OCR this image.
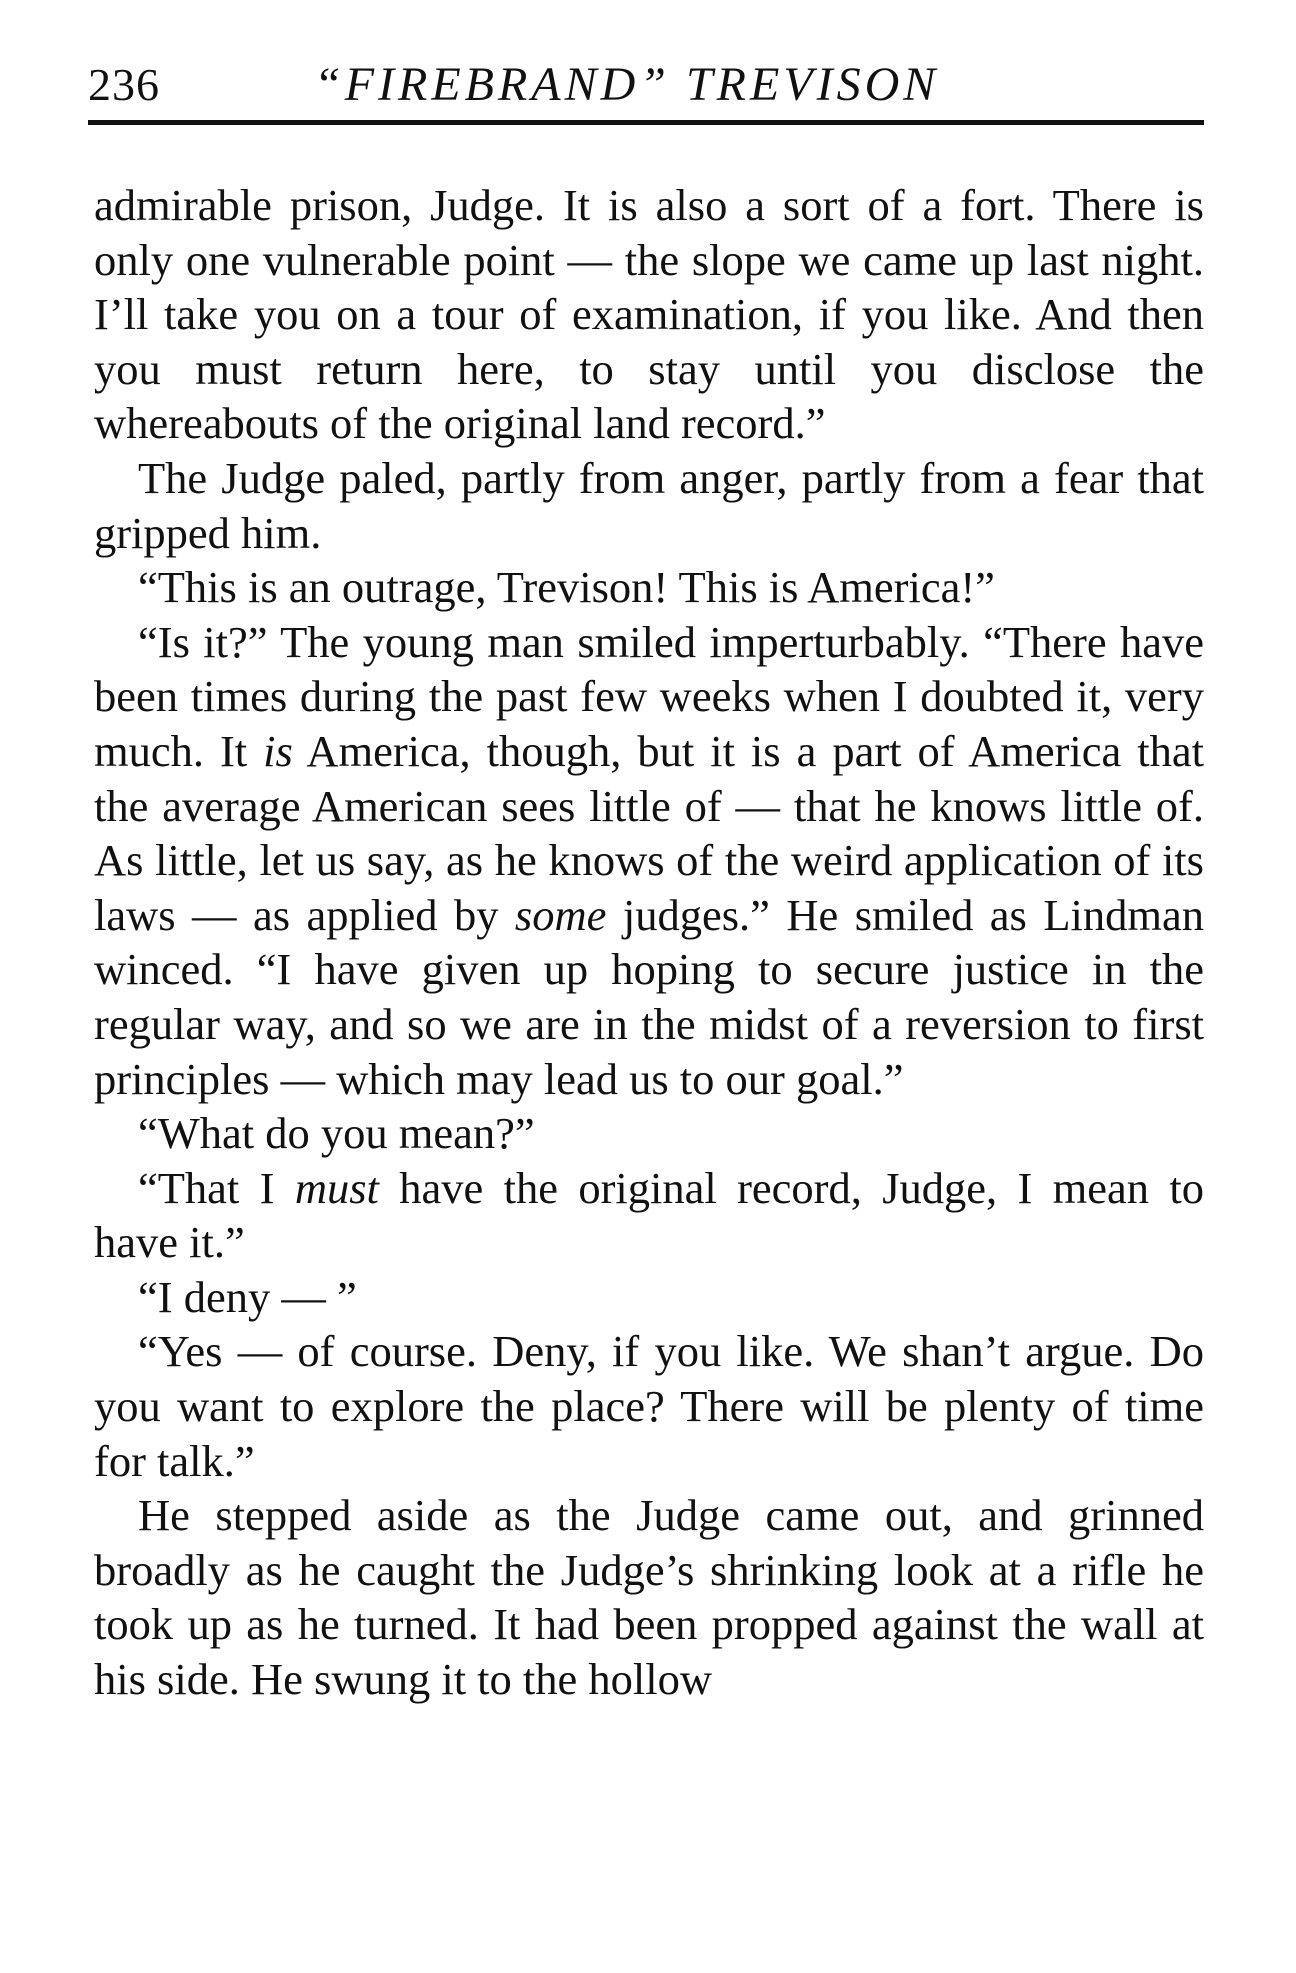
236	“FIREBRAND” TREVISON

admirable prison, Judge. It is also a sort of a fort. There is only one vulnerable point — the slope we came up last night. I’ll take you on a tour of examination, if you like. And then you must return here, to stay until you disclose the whereabouts of the original land record.”

The Judge paled, partly from anger, partly from a fear that gripped him.

“This is an outrage, Trevison! This is America!”

“Is it?” The young man smiled imperturbably. “There have been times during the past few weeks when I doubted it, very much. It is America, though, but it is a part of America that the average American sees little of — that he knows little of. As little, let us say, as he knows of the weird application of its laws — as applied by some judges.” He smiled as Lindman winced. “I have given up hoping to secure justice in the regular way, and so we are in the midst of a reversion to first principles — which may lead us to our goal.”

“What do you mean?”

“That I must have the original record, Judge, I mean to have it.”

“I deny — ”

“Yes — of course. Deny, if you like. We shan’t argue. Do you want to explore the place? There will be plenty of time for talk.”

He stepped aside as the Judge came out, and grinned broadly as he caught the Judge’s shrinking look at a rifle he took up as he turned. It had been propped against the wall at his side. He swung it to the hollow
